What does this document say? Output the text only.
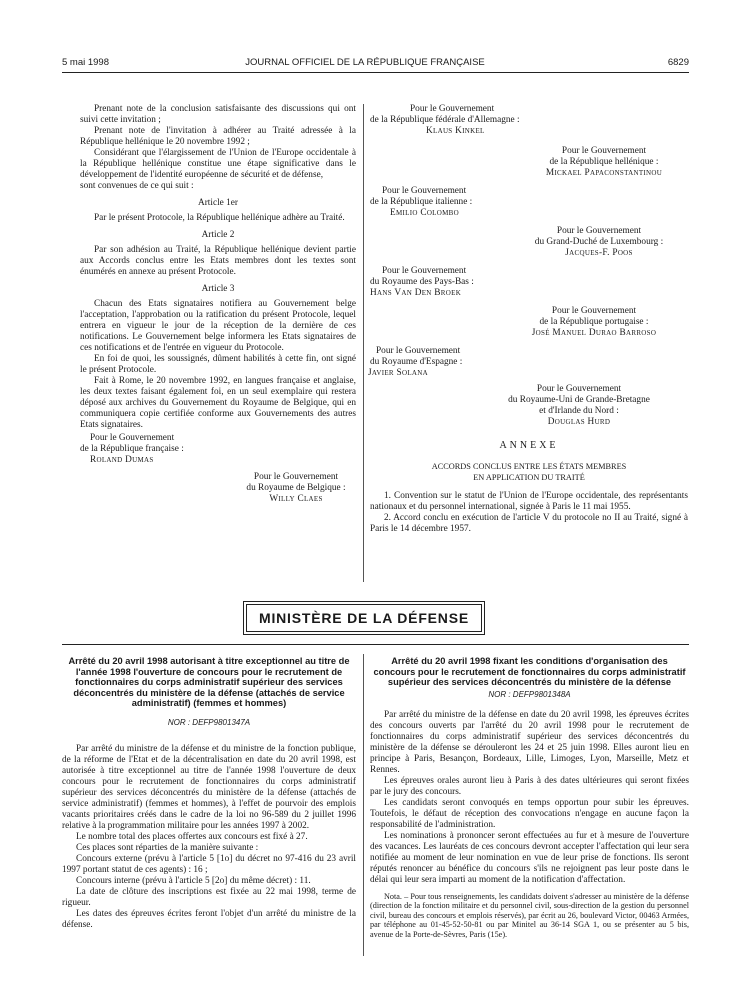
5 mai 1998	JOURNAL OFFICIEL DE LA RÉPUBLIQUE FRANÇAISE	6829

Prenant note de la conclusion satisfaisante des discussions qui ont suivi cette invitation ;

Prenant note de l'invitation à adhérer au Traité adressée à la République hellénique le 20 novembre 1992 ;

Considérant que l'élargissement de l'Union de l'Europe occidentale à la République hellénique constitue une étape significative dans le développement de l'identité européenne de sécurité et de défense,

sont convenues de ce qui suit :

Article 1er

Par le présent Protocole, la République hellénique adhère au Traité.

Article 2

Par son adhésion au Traité, la République hellénique devient partie aux Accords conclus entre les Etats membres dont les textes sont énumérés en annexe au présent Protocole.

Article 3

Chacun des Etats signataires notifiera au Gouvernement belge l'acceptation, l'approbation ou la ratification du présent Protocole, lequel entrera en vigueur le jour de la réception de la dernière de ces notifications. Le Gouvernement belge informera les Etats signataires de ces notifications et de l'entrée en vigueur du Protocole.

En foi de quoi, les soussignés, dûment habilités à cette fin, ont signé le présent Protocole.

Fait à Rome, le 20 novembre 1992, en langues française et anglaise, les deux textes faisant également foi, en un seul exemplaire qui restera déposé aux archives du Gouvernement du Royaume de Belgique, qui en communiquera copie certifiée conforme aux Gouvernements des autres Etats signataires.

Pour le Gouvernement
de la République française :
Roland Dumas
Pour le Gouvernement
du Royaume de Belgique :
Willy Claes
Pour le Gouvernement
de la République fédérale d'Allemagne :
Klaus Kinkel
Pour le Gouvernement
de la République hellénique :
Mickael Papaconstantinou
Pour le Gouvernement
de la République italienne :
Emilio Colombo
Pour le Gouvernement
du Grand-Duché de Luxembourg :
Jacques-F. Poos
Pour le Gouvernement
du Royaume des Pays-Bas :
Hans Van Den Broek
Pour le Gouvernement
de la République portugaise :
José Manuel Durao Barroso
Pour le Gouvernement
du Royaume d'Espagne :
Javier Solana
Pour le Gouvernement
du Royaume-Uni de Grande-Bretagne
et d'Irlande du Nord :
Douglas Hurd
ANNEXE
ACCORDS CONCLUS ENTRE LES ÉTATS MEMBRES
EN APPLICATION DU TRAITÉ

1. Convention sur le statut de l'Union de l'Europe occidentale, des représentants nationaux et du personnel international, signée à Paris le 11 mai 1955.

2. Accord conclu en exécution de l'article V du protocole no II au Traité, signé à Paris le 14 décembre 1957.

MINISTÈRE DE LA DÉFENSE

Arrêté du 20 avril 1998 autorisant à titre exceptionnel au titre de l'année 1998 l'ouverture de concours pour le recrutement de fonctionnaires du corps administratif supérieur des services déconcentrés du ministère de la défense (attachés de service administratif) (femmes et hommes)

NOR : DEFP9801347A

Par arrêté du ministre de la défense et du ministre de la fonction publique, de la réforme de l'Etat et de la décentralisation en date du 20 avril 1998, est autorisée à titre exceptionnel au titre de l'année 1998 l'ouverture de deux concours pour le recrutement de fonctionnaires du corps administratif supérieur des services déconcentrés du ministère de la défense (attachés de service administratif) (femmes et hommes), à l'effet de pourvoir des emplois vacants prioritaires créés dans le cadre de la loi no 96-589 du 2 juillet 1996 relative à la programmation militaire pour les années 1997 à 2002.

Le nombre total des places offertes aux concours est fixé à 27.

Ces places sont réparties de la manière suivante :

Concours externe (prévu à l'article 5 [1o] du décret no 97-416 du 23 avril 1997 portant statut de ces agents) : 16 ;

Concours interne (prévu à l'article 5 [2o] du même décret) : 11.

La date de clôture des inscriptions est fixée au 22 mai 1998, terme de rigueur.

Les dates des épreuves écrites feront l'objet d'un arrêté du ministre de la défense.

Arrêté du 20 avril 1998 fixant les conditions d'organisation des concours pour le recrutement de fonctionnaires du corps administratif supérieur des services déconcentrés du ministère de la défense

NOR : DEFP9801348A

Par arrêté du ministre de la défense en date du 20 avril 1998, les épreuves écrites des concours ouverts par l'arrêté du 20 avril 1998 pour le recrutement de fonctionnaires du corps administratif supérieur des services déconcentrés du ministère de la défense se dérouleront les 24 et 25 juin 1998. Elles auront lieu en principe à Paris, Besançon, Bordeaux, Lille, Limoges, Lyon, Marseille, Metz et Rennes.

Les épreuves orales auront lieu à Paris à des dates ultérieures qui seront fixées par le jury des concours.

Les candidats seront convoqués en temps opportun pour subir les épreuves. Toutefois, le défaut de réception des convocations n'engage en aucune façon la responsabilité de l'administration.

Les nominations à prononcer seront effectuées au fur et à mesure de l'ouverture des vacances. Les lauréats de ces concours devront accepter l'affectation qui leur sera notifiée au moment de leur nomination en vue de leur prise de fonctions. Ils seront réputés renoncer au bénéfice du concours s'ils ne rejoignent pas leur poste dans le délai qui leur sera imparti au moment de la notification d'affectation.

Nota. – Pour tous renseignements, les candidats doivent s'adresser au ministère de la défense (direction de la fonction militaire et du personnel civil, sous-direction de la gestion du personnel civil, bureau des concours et emplois réservés), par écrit au 26, boulevard Victor, 00463 Armées, par téléphone au 01-45-52-50-81 ou par Minitel au 36-14 SGA 1, ou se présenter au 5 bis, avenue de la Porte-de-Sèvres, Paris (15e).
